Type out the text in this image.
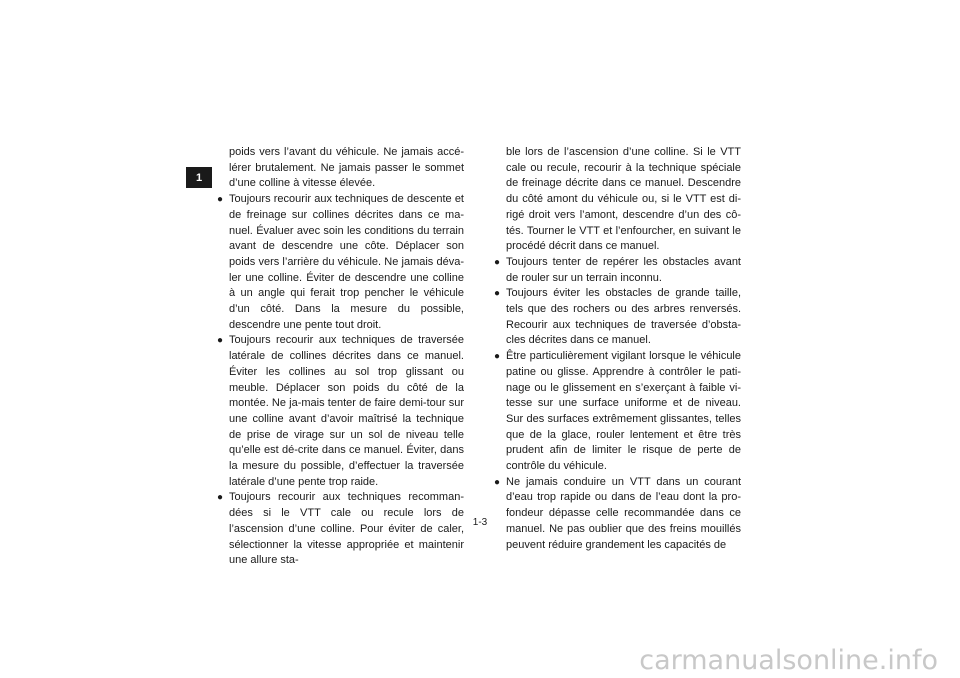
1

poids vers l’avant du véhicule. Ne jamais accé-lérer brutalement. Ne jamais passer le sommet d’une colline à vitesse élevée.

● Toujours recourir aux techniques de descente et de freinage sur collines décrites dans ce ma-nuel. Évaluer avec soin les conditions du terrain avant de descendre une côte. Déplacer son poids vers l’arrière du véhicule. Ne jamais déva-ler une colline. Éviter de descendre une colline à un angle qui ferait trop pencher le véhicule d’un côté. Dans la mesure du possible, descendre une pente tout droit.
● Toujours recourir aux techniques de traversée latérale de collines décrites dans ce manuel. Éviter les collines au sol trop glissant ou meuble. Déplacer son poids du côté de la montée. Ne ja-mais tenter de faire demi-tour sur une colline avant d’avoir maîtrisé la technique de prise de virage sur un sol de niveau telle qu’elle est dé-crite dans ce manuel. Éviter, dans la mesure du possible, d’effectuer la traversée latérale d’une pente trop raide.
● Toujours recourir aux techniques recomman-dées si le VTT cale ou recule lors de l’ascension d’une colline. Pour éviter de caler, sélectionner la vitesse appropriée et maintenir une allure sta-

ble lors de l’ascension d’une colline. Si le VTT cale ou recule, recourir à la technique spéciale de freinage décrite dans ce manuel. Descendre du côté amont du véhicule ou, si le VTT est di-rigé droit vers l’amont, descendre d’un des cô-tés. Tourner le VTT et l’enfourcher, en suivant le procédé décrit dans ce manuel.

● Toujours tenter de repérer les obstacles avant de rouler sur un terrain inconnu.
● Toujours éviter les obstacles de grande taille, tels que des rochers ou des arbres renversés. Recourir aux techniques de traversée d’obsta-cles décrites dans ce manuel.
● Être particulièrement vigilant lorsque le véhicule patine ou glisse. Apprendre à contrôler le pati-nage ou le glissement en s’exerçant à faible vi-tesse sur une surface uniforme et de niveau. Sur des surfaces extrêmement glissantes, telles que de la glace, rouler lentement et être très prudent afin de limiter le risque de perte de contrôle du véhicule.
● Ne jamais conduire un VTT dans un courant d’eau trop rapide ou dans de l’eau dont la pro-fondeur dépasse celle recommandée dans ce manuel. Ne pas oublier que des freins mouillés peuvent réduire grandement les capacités de
1-3
carmanualsonline.info
